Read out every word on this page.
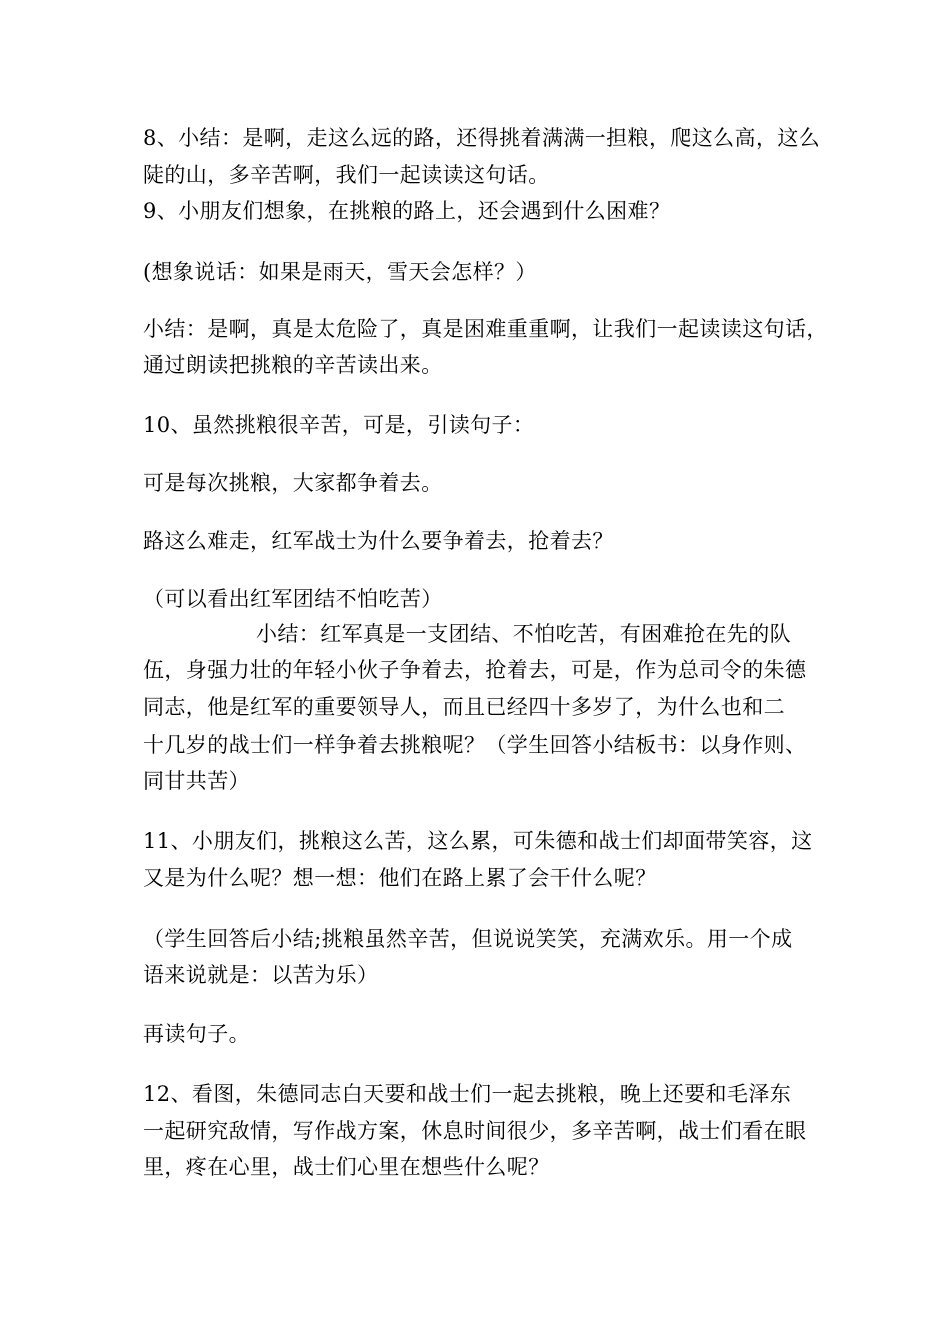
8、小结：是啊，走这么远的路，还得挑着满满一担粮，爬这么高，这么
陡的山，多辛苦啊，我们一起读读这句话。
9、小朋友们想象，在挑粮的路上，还会遇到什么困难？
(想象说话：如果是雨天，雪天会怎样？）
小结：是啊，真是太危险了，真是困难重重啊，让我们一起读读这句话，
通过朗读把挑粮的辛苦读出来。
10、虽然挑粮很辛苦，可是，引读句子：
可是每次挑粮，大家都争着去。
路这么难走，红军战士为什么要争着去，抢着去？
（可以看出红军团结不怕吃苦）
小结：红军真是一支团结、不怕吃苦，有困难抢在先的队
伍，身强力壮的年轻小伙子争着去，抢着去，可是，作为总司令的朱德
同志，他是红军的重要领导人，而且已经四十多岁了，为什么也和二
十几岁的战士们一样争着去挑粮呢？（学生回答小结板书：以身作则、
同甘共苦）
11、小朋友们，挑粮这么苦，这么累，可朱德和战士们却面带笑容，这
又是为什么呢？想一想：他们在路上累了会干什么呢？
（学生回答后小结;挑粮虽然辛苦，但说说笑笑，充满欢乐。用一个成
语来说就是：以苦为乐）
再读句子。
12、看图，朱德同志白天要和战士们一起去挑粮，晚上还要和毛泽东
一起研究敌情，写作战方案，休息时间很少，多辛苦啊，战士们看在眼
里，疼在心里，战士们心里在想些什么呢？
